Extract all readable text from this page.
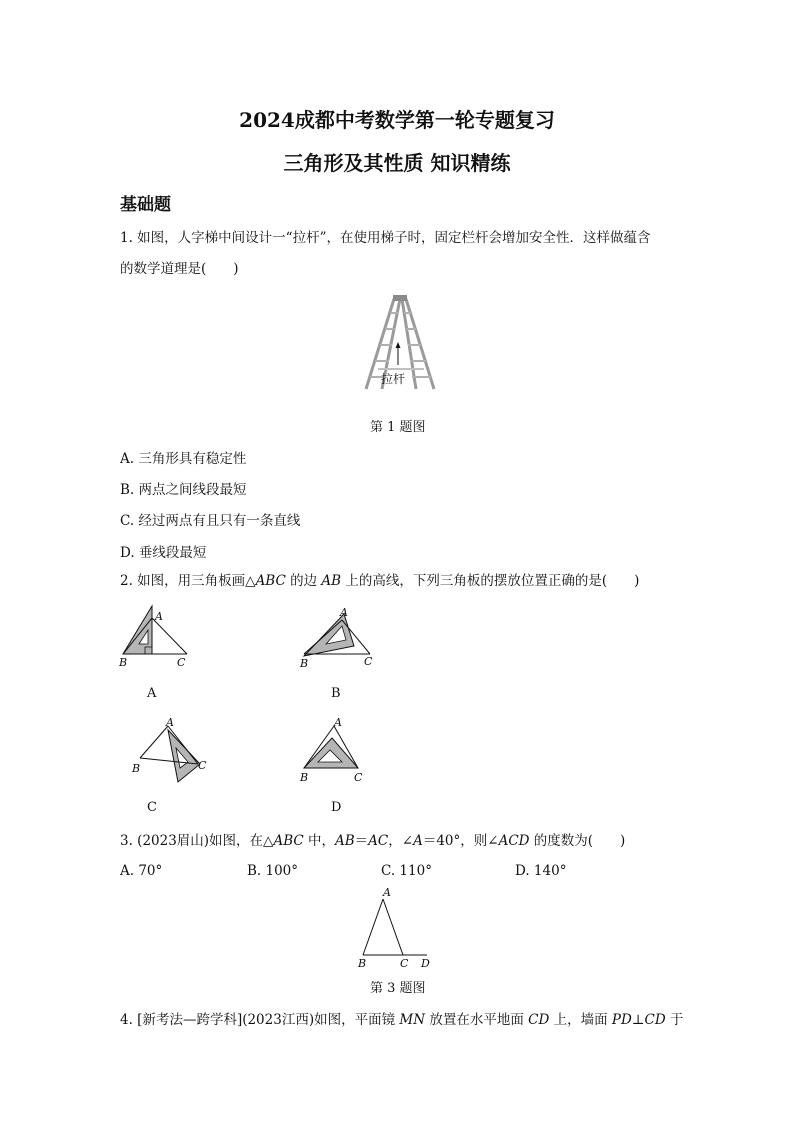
2024成都中考数学第一轮专题复习
三角形及其性质 知识精练
基础题
1. 如图，人字梯中间设计一“拉杆”，在使用梯子时，固定栏杆会增加安全性．这样做蕴含
的数学道理是(　　)
拉杆
第 1 题图
A. 三角形具有稳定性
B. 两点之间线段最短
C. 经过两点有且只有一条直线
D. 垂线段最短
2. 如图，用三角板画△ABC 的边 AB 上的高线，下列三角板的摆放位置正确的是(　　)
A
B	C
A
A
B	C
B
A
B	C
C
A
B	C
D
3. (2023眉山)如图，在△ABC 中，AB＝AC，∠A＝40°，则∠ACD 的度数为(　　)
A. 70°	B. 100°	C. 110°	D. 140°
A
B	C D
第 3 题图
4. [新考法—跨学科](2023江西)如图，平面镜 MN 放置在水平地面 CD 上，墙面 PD⊥CD 于
